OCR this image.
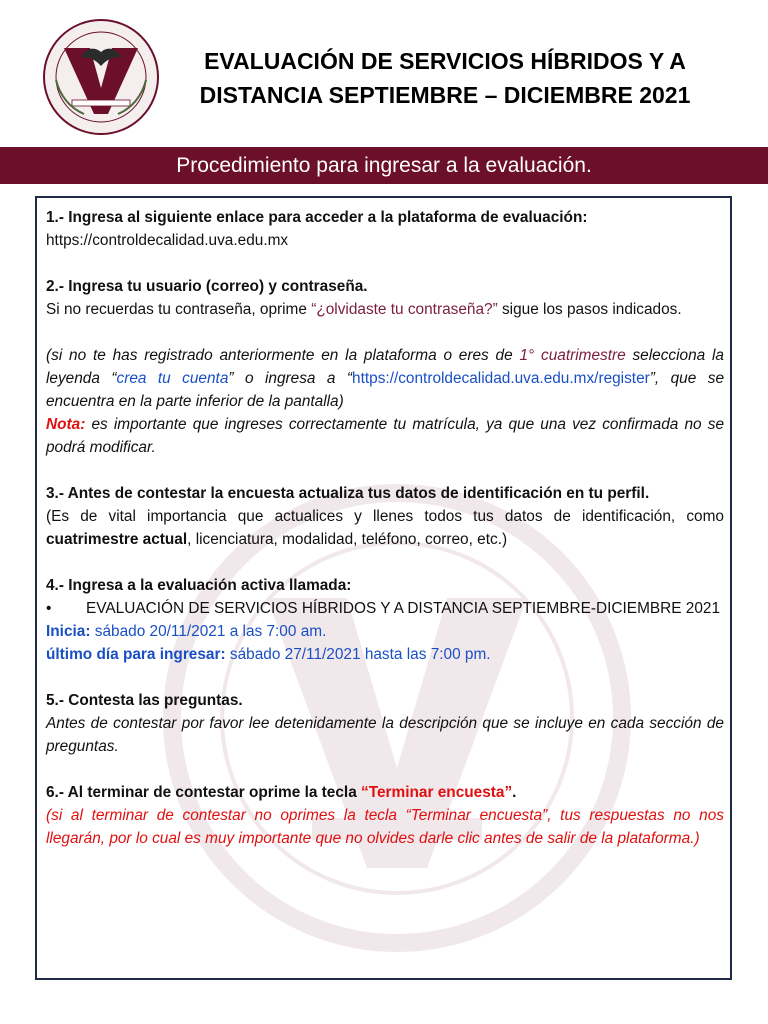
EVALUACIÓN DE SERVICIOS HÍBRIDOS Y A
DISTANCIA SEPTIEMBRE – DICIEMBRE 2021
Procedimiento para ingresar a la evaluación.

1.- Ingresa al siguiente enlace para acceder a la plataforma de evaluación:

https://controldecalidad.uva.edu.mx

2.- Ingresa tu usuario (correo) y contraseña.

Si no recuerdas tu contraseña, oprime “¿olvidaste tu contraseña?” sigue los pasos indicados.

(si no te has registrado anteriormente en la plataforma o eres de 1° cuatrimestre selecciona la leyenda “crea tu cuenta” o ingresa a “https://controldecalidad.uva.edu.mx/register”, que se encuentra en la parte inferior de la pantalla)

Nota: es importante que ingreses correctamente tu matrícula, ya que una vez confirmada no se podrá modificar.

3.- Antes de contestar la encuesta actualiza tus datos de identificación en tu perfil.

(Es de vital importancia que actualices y llenes todos tus datos de identificación, como cuatrimestre actual, licenciatura, modalidad, teléfono, correo, etc.)

4.- Ingresa a la evaluación activa llamada:

•	EVALUACIÓN DE SERVICIOS HÍBRIDOS Y A DISTANCIA SEPTIEMBRE-DICIEMBRE 2021

Inicia: sábado 20/11/2021 a las 7:00 am.

último día para ingresar: sábado 27/11/2021 hasta las 7:00 pm.

5.- Contesta las preguntas.

Antes de contestar por favor lee detenidamente la descripción que se incluye en cada sección de preguntas.

6.- Al terminar de contestar oprime la tecla “Terminar encuesta”.

(si al terminar de contestar no oprimes la tecla “Terminar encuesta”, tus respuestas no nos llegarán, por lo cual es muy importante que no olvides darle clic antes de salir de la plataforma.)
